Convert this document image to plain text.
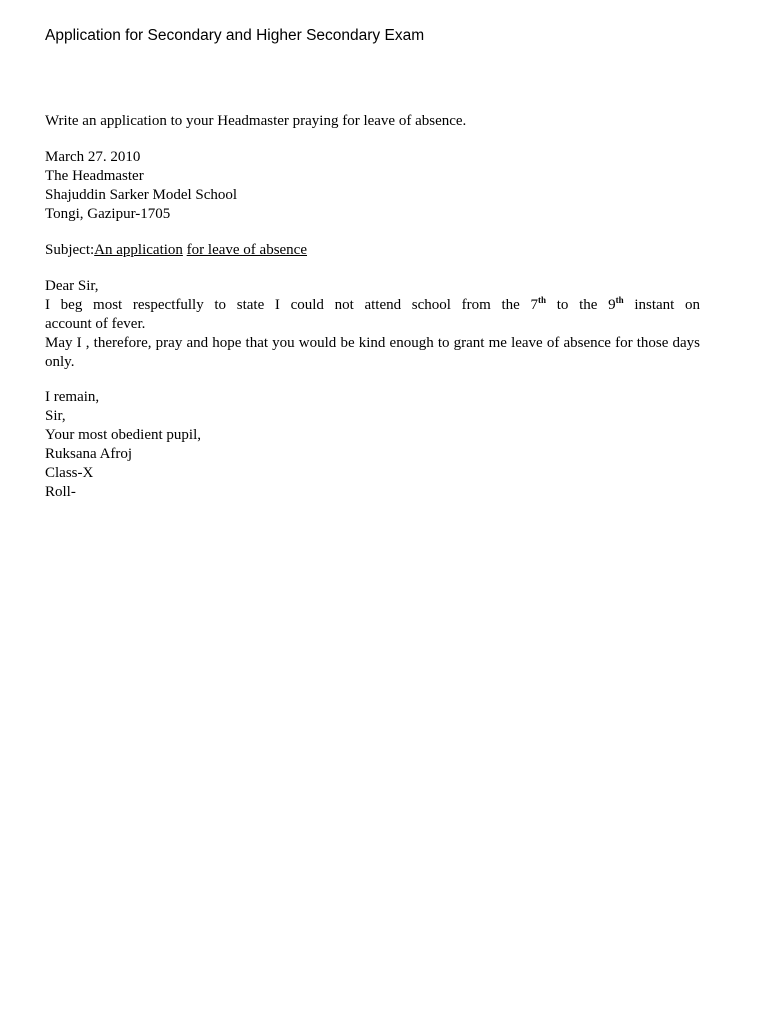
Application for Secondary and Higher Secondary Exam
Write an application to your Headmaster praying for leave of absence.
March 27. 2010
The Headmaster
Shajuddin Sarker Model School
Tongi, Gazipur-1705
Subject:An application for leave of absence
Dear Sir,
I beg most respectfully to state I could not attend school from the 7th to the 9th instant on
account of fever.
May I , therefore, pray and hope that you would be kind enough to grant me leave of absence for those days only.
I remain,
Sir,
Your most obedient pupil,
Ruksana Afroj
Class-X
Roll-
